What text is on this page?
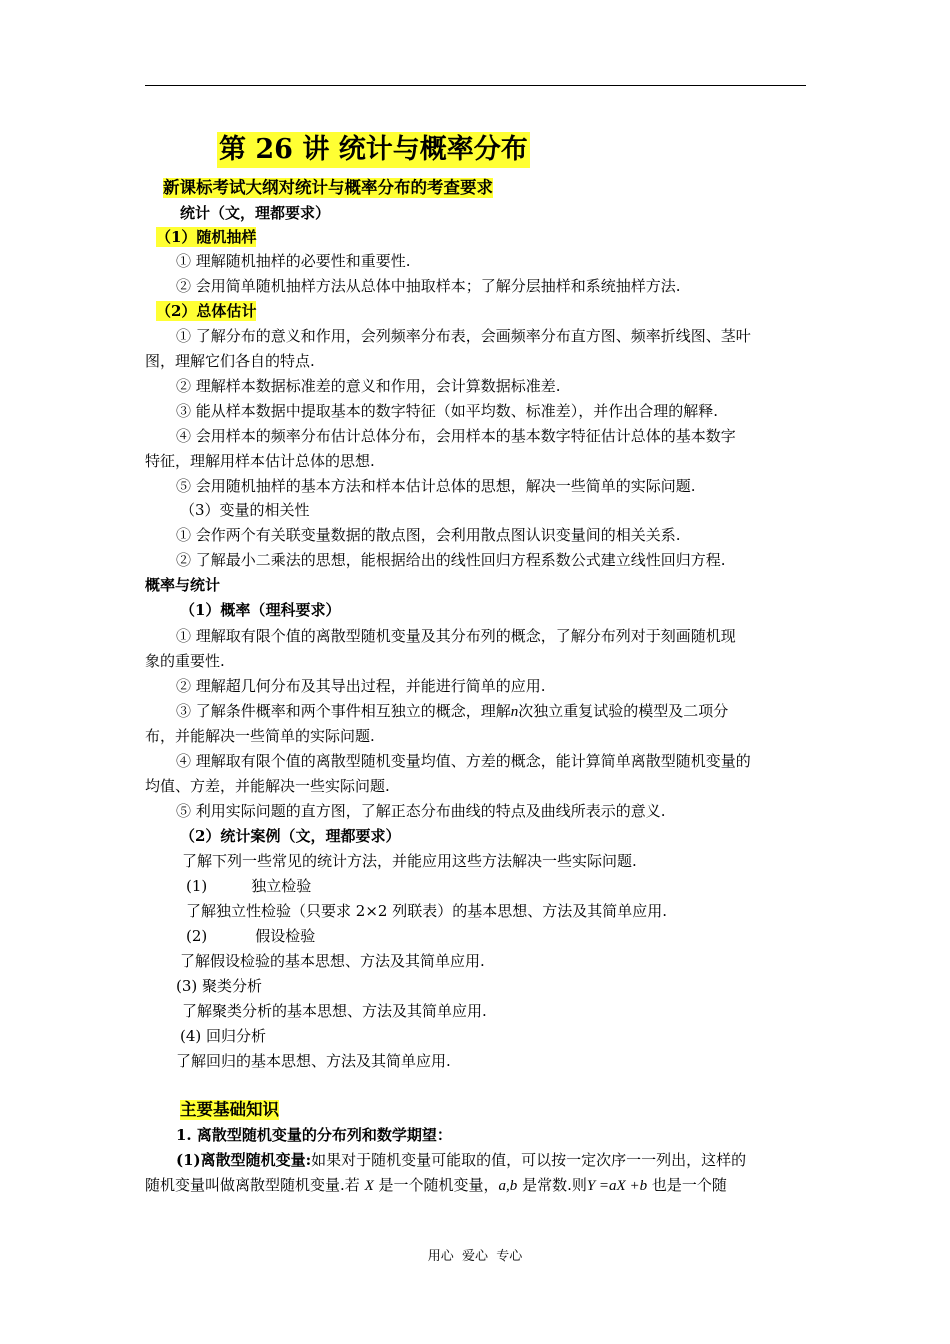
第 26 讲 统计与概率分布
新课标考试大纲对统计与概率分布的考查要求
统计（文，理都要求）
（1）随机抽样
① 理解随机抽样的必要性和重要性.
② 会用简单随机抽样方法从总体中抽取样本；了解分层抽样和系统抽样方法.
（2）总体估计
① 了解分布的意义和作用，会列频率分布表，会画频率分布直方图、频率折线图、茎叶
图，理解它们各自的特点.
② 理解样本数据标准差的意义和作用，会计算数据标准差.
③ 能从样本数据中提取基本的数字特征（如平均数、标准差），并作出合理的解释.
④ 会用样本的频率分布估计总体分布，会用样本的基本数字特征估计总体的基本数字
特征，理解用样本估计总体的思想.
⑤ 会用随机抽样的基本方法和样本估计总体的思想，解决一些简单的实际问题.
（3）变量的相关性
① 会作两个有关联变量数据的散点图，会利用散点图认识变量间的相关关系.
② 了解最小二乘法的思想，能根据给出的线性回归方程系数公式建立线性回归方程.
概率与统计
（1）概率（理科要求）
① 理解取有限个值的离散型随机变量及其分布列的概念，了解分布列对于刻画随机现
象的重要性.
② 理解超几何分布及其导出过程，并能进行简单的应用.
③ 了解条件概率和两个事件相互独立的概念，理解n次独立重复试验的模型及二项分
布，并能解决一些简单的实际问题.
④ 理解取有限个值的离散型随机变量均值、方差的概念，能计算简单离散型随机变量的
均值、方差，并能解决一些实际问题.
⑤ 利用实际问题的直方图，了解正态分布曲线的特点及曲线所表示的意义.
（2）统计案例（文，理都要求）
了解下列一些常见的统计方法，并能应用这些方法解决一些实际问题.
(1)	独立检验
了解独立性检验（只要求 2×2 列联表）的基本思想、方法及其简单应用.
(2)	假设检验
了解假设检验的基本思想、方法及其简单应用.
(3) 聚类分析
了解聚类分析的基本思想、方法及其简单应用.
(4) 回归分析
了解回归的基本思想、方法及其简单应用.
主要基础知识
1. 离散型随机变量的分布列和数学期望：
(1)离散型随机变量:如果对于随机变量可能取的值，可以按一定次序一一列出，这样的
随机变量叫做离散型随机变量.若 X 是一个随机变量，a,b 是常数.则Y =aX +b 也是一个随
用心  爱心  专心
